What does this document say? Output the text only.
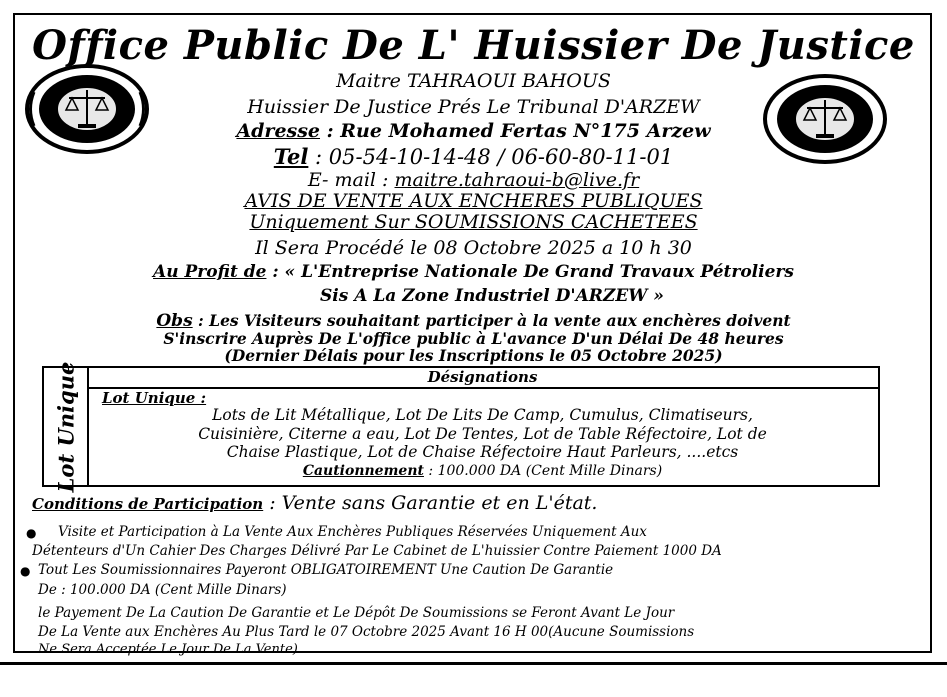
Office Public De L' Huissier De Justice
Maitre TAHRAOUI BAHOUS
Huissier De Justice Prés Le Tribunal D'ARZEW
Adresse : Rue Mohamed Fertas N°175 Arzew
Tel : 05-54-10-14-48 / 06-60-80-11-01
E- mail : maitre.tahraoui-b@live.fr
AVIS DE VENTE AUX ENCHERES PUBLIQUES
Uniquement Sur SOUMISSIONS CACHETEES
Il Sera Procédé le 08 Octobre 2025 a 10 h 30
Au Profit de : « L'Entreprise Nationale De Grand Travaux Pétroliers
Sis A La Zone Industriel D'ARZEW »
Obs : Les Visiteurs souhaitant participer à la vente aux enchères doivent
S'inscrire Auprès De L'office public à L'avance D'un Délai De 48 heures
(Dernier Délais pour les Inscriptions le 05 Octobre 2025)
Lot Unique	Désignations
Lot Unique :
Lots de Lit Métallique, Lot De Lits De Camp, Cumulus, Climatiseurs,
Cuisinière, Citerne a eau, Lot De Tentes, Lot de Table Réfectoire, Lot de
Chaise Plastique, Lot de Chaise Réfectoire Haut Parleurs, ....etcs
Cautionnement : 100.000 DA (Cent Mille Dinars)
Conditions de Participation : Vente sans Garantie et en L'état.
● Visite et Participation à La Vente Aux Enchères Publiques Réservées Uniquement Aux
Détenteurs d'Un Cahier Des Charges Délivré Par Le Cabinet de L'huissier Contre Paiement 1000 DA
● Tout Les Soumissionnaires Payeront OBLIGATOIREMENT Une Caution De Garantie
De : 100.000 DA (Cent Mille Dinars)
le Payement De La Caution De Garantie et Le Dépôt De Soumissions se Feront Avant Le Jour
De La Vente aux Enchères Au Plus Tard le 07 Octobre 2025 Avant 16 H 00(Aucune Soumissions
Ne Sera Acceptée Le Jour De La Vente).
